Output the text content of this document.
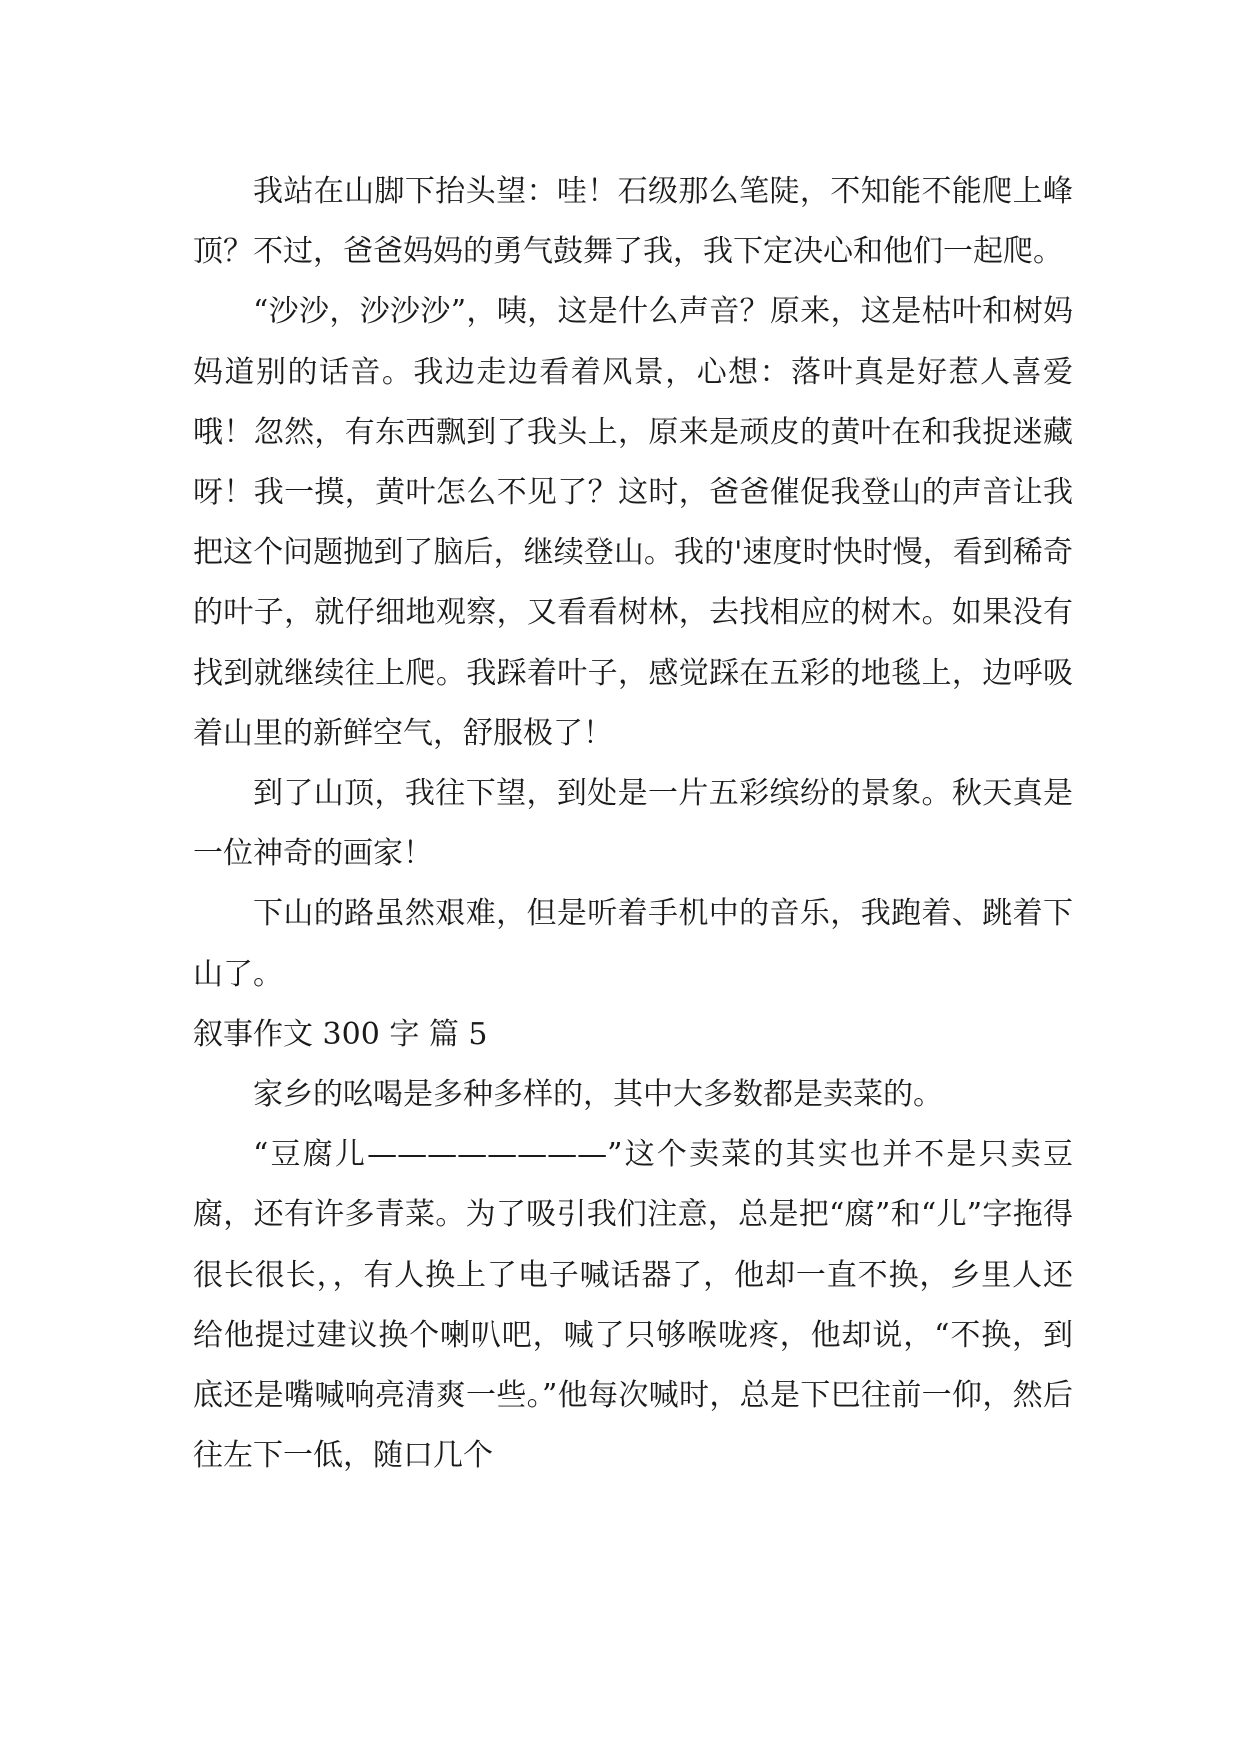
我站在山脚下抬头望：哇！石级那么笔陡，不知能不能爬上峰顶？不过，爸爸妈妈的勇气鼓舞了我，我下定决心和他们一起爬。

“沙沙，沙沙沙”，咦，这是什么声音？原来，这是枯叶和树妈妈道别的话音。我边走边看着风景，心想：落叶真是好惹人喜爱哦！忽然，有东西飘到了我头上，原来是顽皮的黄叶在和我捉迷藏呀！我一摸，黄叶怎么不见了？这时，爸爸催促我登山的声音让我把这个问题抛到了脑后，继续登山。我的'速度时快时慢，看到稀奇的叶子，就仔细地观察，又看看树林，去找相应的树木。如果没有找到就继续往上爬。我踩着叶子，感觉踩在五彩的地毯上，边呼吸着山里的新鲜空气，舒服极了！

到了山顶，我往下望，到处是一片五彩缤纷的景象。秋天真是一位神奇的画家！

下山的路虽然艰难，但是听着手机中的音乐，我跑着、跳着下山了。

叙事作文 300 字 篇 5

家乡的吆喝是多种多样的，其中大多数都是卖菜的。

“豆腐儿————————”这个卖菜的其实也并不是只卖豆腐，还有许多青菜。为了吸引我们注意，总是把“腐”和“儿”字拖得很长很长，，有人换上了电子喊话器了，他却一直不换，乡里人还给他提过建议换个喇叭吧，喊了只够喉咙疼，他却说，“不换，到底还是嘴喊响亮清爽一些。”他每次喊时，总是下巴往前一仰，然后往左下一低，随口几个
